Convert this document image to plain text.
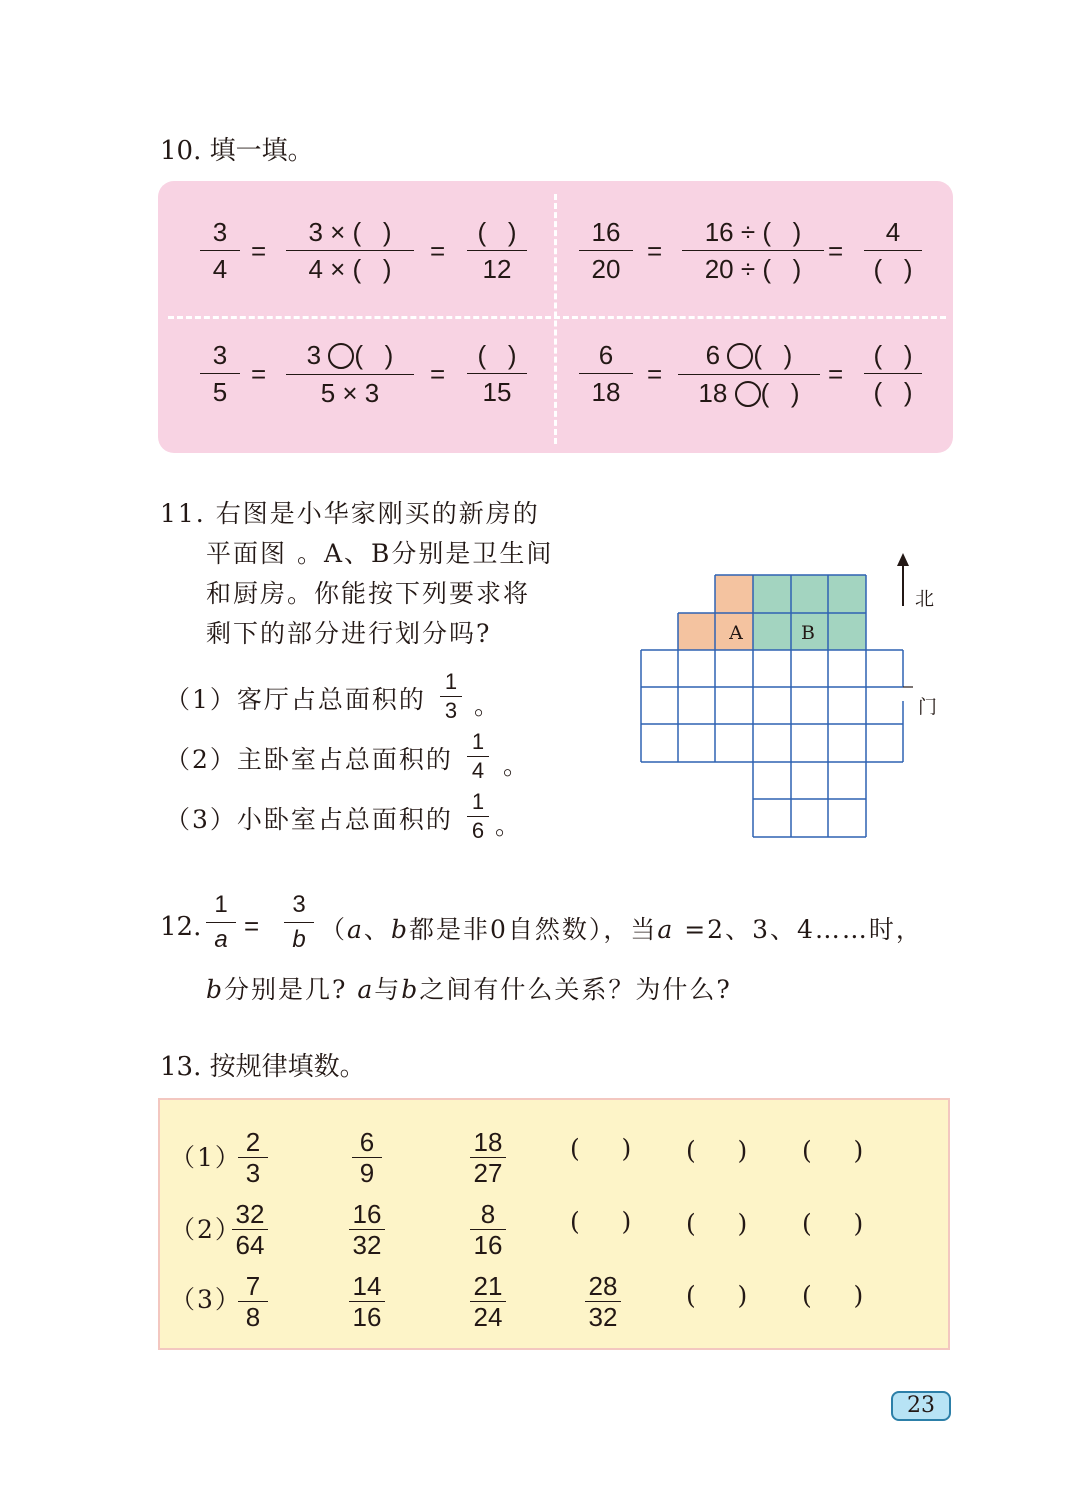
10. 填一填。
3
4
=
3 × (   )
4 × (   )
=
(   )
12
16
20
=
16 ÷ (   )
20 ÷ (   )
=
4
(   )
3
5
=
3 (   )
5 × 3
=
(   )
15
6
18
=
6 (   )
18 (   )
=
(   )
(   )
11. 右图是小华家刚买的新房的
平面图 。A、B分别是卫生间
和厨房。你能按下列要求将
剩下的部分进行划分吗?
（1）客厅占总面积的
1
3 。
（2）主卧室占总面积的
1
4 。
（3）小卧室占总面积的
1
6 。
A	B
北
门
12.
1
a =
3
b （a、b都是非0自然数），当a =2、3、4……时，
b分别是几? a与b之间有什么关系？为什么?
13. 按规律填数。
（1）
2
3
6
9
18
27
(    ) (    ) (    )
（2）
32
64
16
32
8
16
(    ) (    ) (    )
（3） 7
8
14
16
21
24
28
32
(    ) (    )
23
